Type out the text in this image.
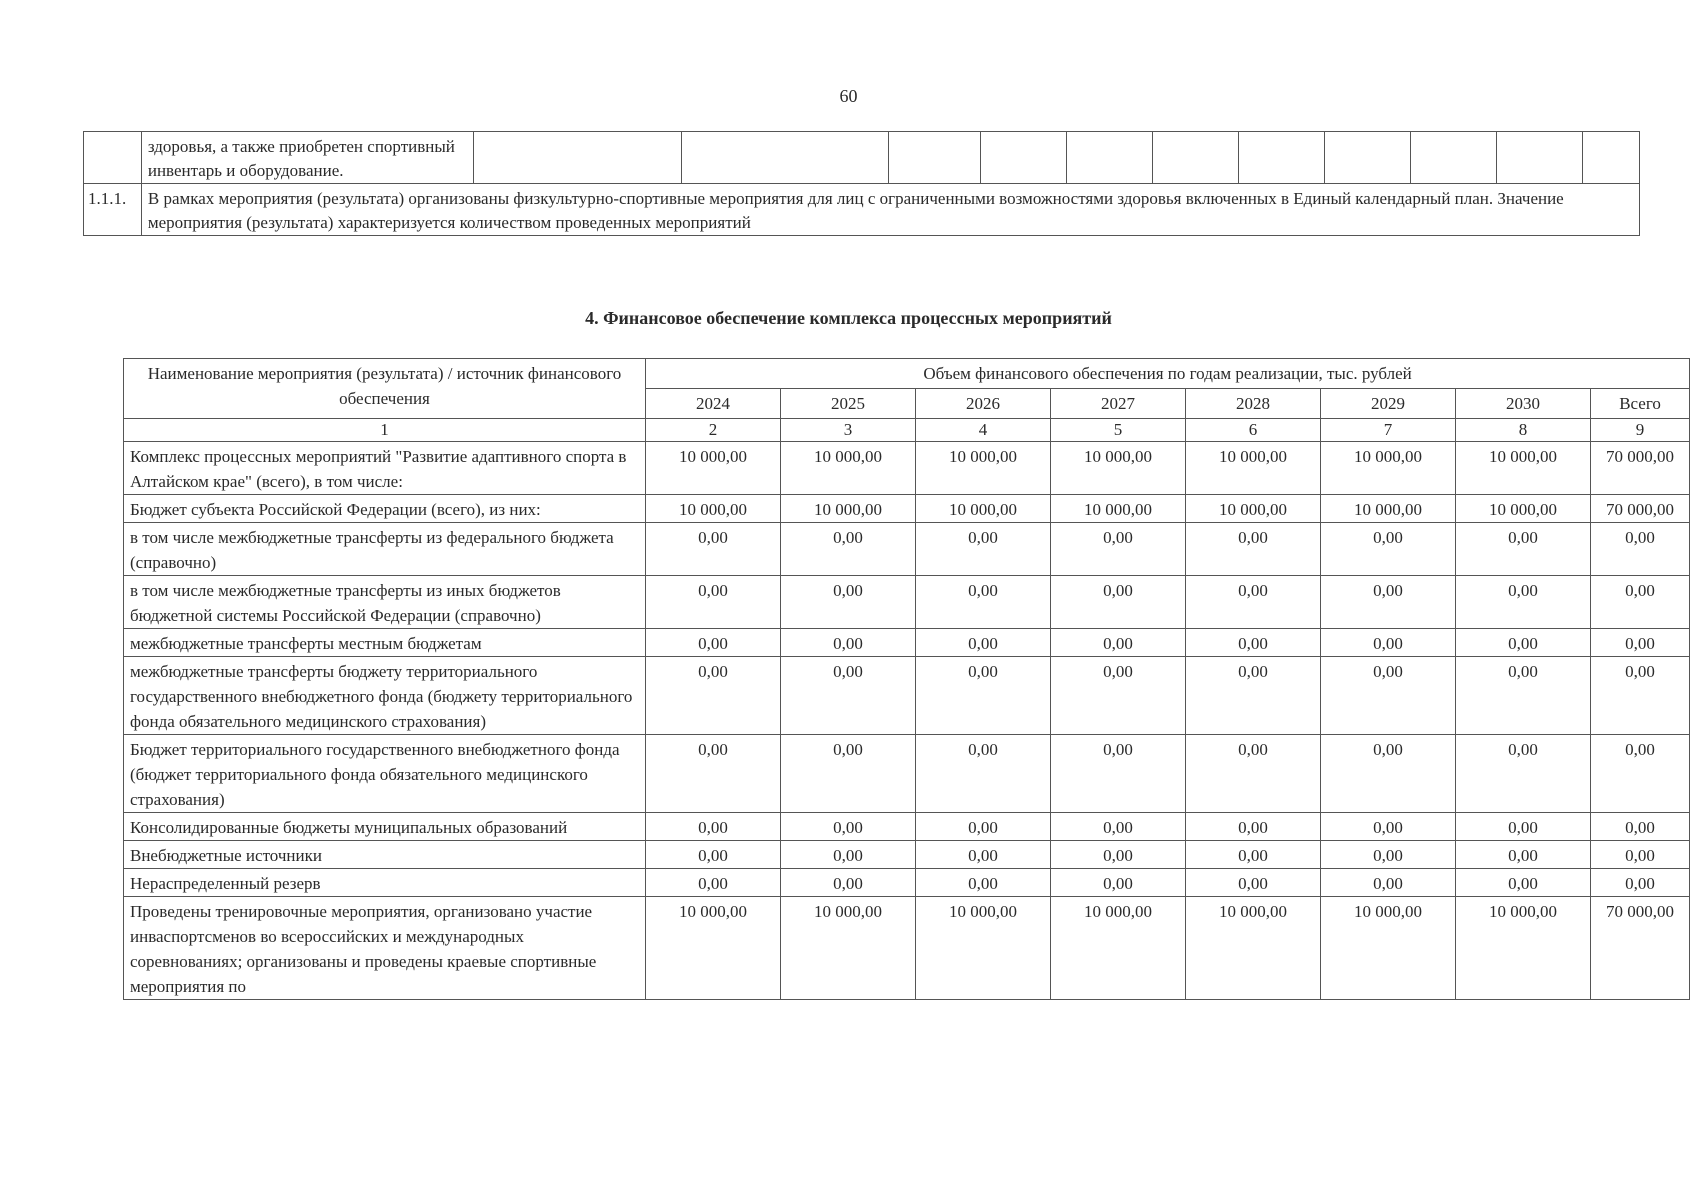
60
	здоровья, а также приобретен спортивный инвентарь и оборудование.											
1.1.1.	В рамках мероприятия (результата) организованы физкультурно-спортивные мероприятия для лиц с ограниченными возможностями здоровья включенных в Единый календарный план. Значение мероприятия (результата) характеризуется количеством проведенных мероприятий											
4. Финансовое обеспечение комплекса процессных мероприятий
Наименование мероприятия (результата) / источник финансового обеспечения	Объем финансового обеспечения по годам реализации, тыс. рублей							
	2024	2025	2026	2027	2028	2029	2030	Всего
1	2	3	4	5	6	7	8	9
Комплекс процессных мероприятий "Развитие адаптивного спорта в Алтайском крае" (всего), в том числе:	10 000,00	10 000,00	10 000,00	10 000,00	10 000,00	10 000,00	10 000,00	70 000,00
Бюджет субъекта Российской Федерации (всего), из них:	10 000,00	10 000,00	10 000,00	10 000,00	10 000,00	10 000,00	10 000,00	70 000,00
в том числе межбюджетные трансферты из федерального бюджета (справочно)	0,00	0,00	0,00	0,00	0,00	0,00	0,00	0,00
в том числе межбюджетные трансферты из иных бюджетов бюджетной системы Российской Федерации (справочно)	0,00	0,00	0,00	0,00	0,00	0,00	0,00	0,00
межбюджетные трансферты местным бюджетам	0,00	0,00	0,00	0,00	0,00	0,00	0,00	0,00
межбюджетные трансферты бюджету территориального государственного внебюджетного фонда (бюджету территориального фонда обязательного медицинского страхования)	0,00	0,00	0,00	0,00	0,00	0,00	0,00	0,00
Бюджет территориального государственного внебюджетного фонда (бюджет территориального фонда обязательного медицинского страхования)	0,00	0,00	0,00	0,00	0,00	0,00	0,00	0,00
Консолидированные бюджеты муниципальных образований	0,00	0,00	0,00	0,00	0,00	0,00	0,00	0,00
Внебюджетные источники	0,00	0,00	0,00	0,00	0,00	0,00	0,00	0,00
Нераспределенный резерв	0,00	0,00	0,00	0,00	0,00	0,00	0,00	0,00
Проведены тренировочные мероприятия, организовано участие инваспортсменов во всероссийских и международных соревнованиях; организованы и проведены краевые спортивные мероприятия по	10 000,00	10 000,00	10 000,00	10 000,00	10 000,00	10 000,00	10 000,00	70 000,00
